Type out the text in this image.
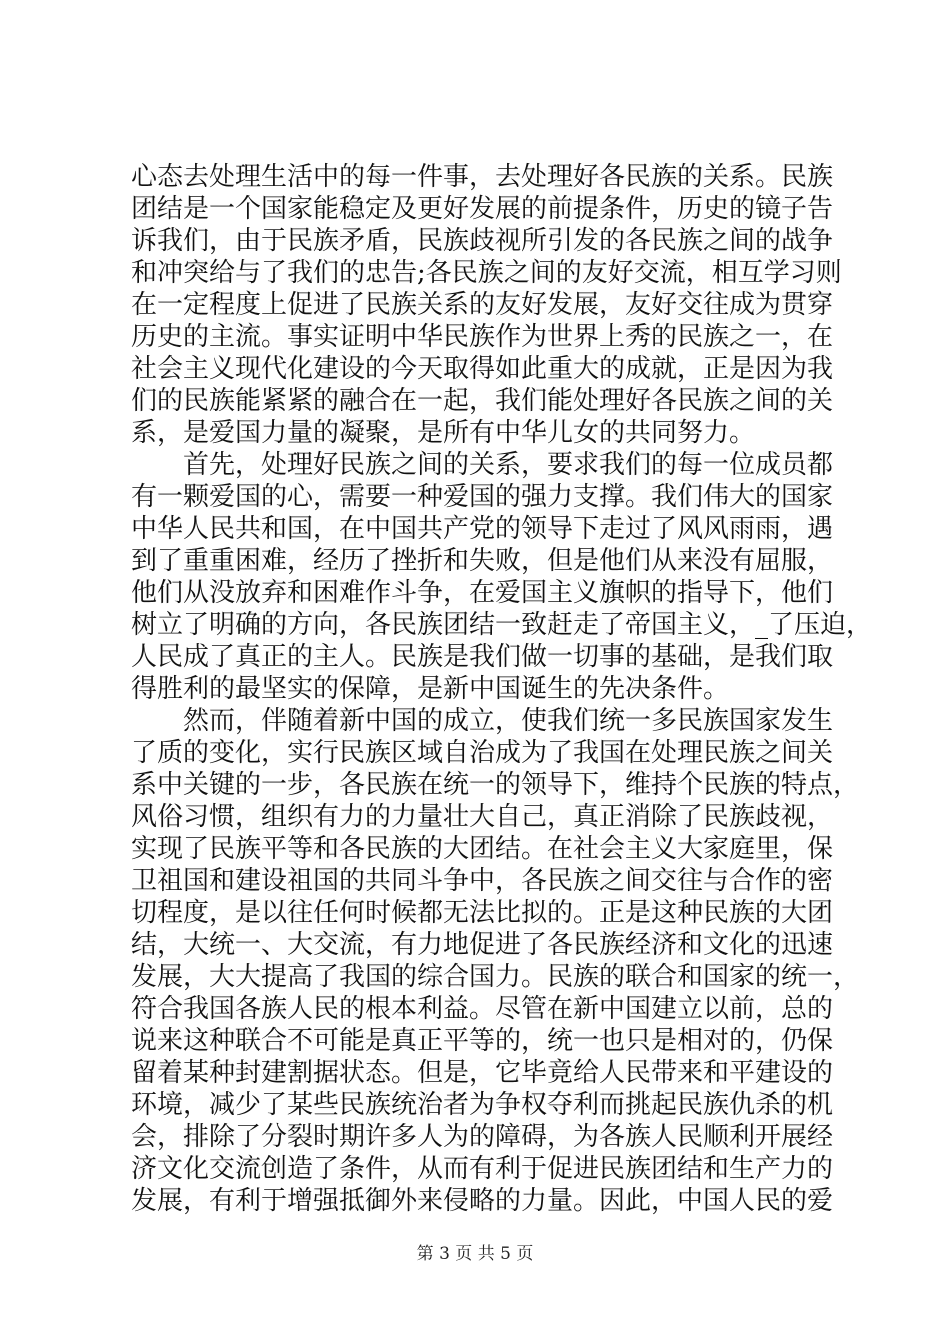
心态去处理生活中的每一件事，去处理好各民族的关系。民族
团结是一个国家能稳定及更好发展的前提条件，历史的镜子告
诉我们，由于民族矛盾，民族歧视所引发的各民族之间的战争
和冲突给与了我们的忠告;各民族之间的友好交流，相互学习则
在一定程度上促进了民族关系的友好发展，友好交往成为贯穿
历史的主流。事实证明中华民族作为世界上秀的民族之一，在
社会主义现代化建设的今天取得如此重大的成就，正是因为我
们的民族能紧紧的融合在一起，我们能处理好各民族之间的关
系，是爱国力量的凝聚，是所有中华儿女的共同努力。
　　首先，处理好民族之间的关系，要求我们的每一位成员都
有一颗爱国的心，需要一种爱国的强力支撑。我们伟大的国家
中华人民共和国，在中国共产党的领导下走过了风风雨雨，遇
到了重重困难，经历了挫折和失败，但是他们从来没有屈服，
他们从没放弃和困难作斗争，在爱国主义旗帜的指导下，他们
树立了明确的方向，各民族团结一致赶走了帝国主义，_了压迫，
人民成了真正的主人。民族是我们做一切事的基础，是我们取
得胜利的最坚实的保障，是新中国诞生的先决条件。
　　然而，伴随着新中国的成立，使我们统一多民族国家发生
了质的变化，实行民族区域自治成为了我国在处理民族之间关
系中关键的一步，各民族在统一的领导下，维持个民族的特点，
风俗习惯，组织有力的力量壮大自己，真正消除了民族歧视，
实现了民族平等和各民族的大团结。在社会主义大家庭里，保
卫祖国和建设祖国的共同斗争中，各民族之间交往与合作的密
切程度，是以往任何时候都无法比拟的。正是这种民族的大团
结，大统一、大交流，有力地促进了各民族经济和文化的迅速
发展，大大提高了我国的综合国力。民族的联合和国家的统一，
符合我国各族人民的根本利益。尽管在新中国建立以前，总的
说来这种联合不可能是真正平等的，统一也只是相对的，仍保
留着某种封建割据状态。但是，它毕竟给人民带来和平建设的
环境，减少了某些民族统治者为争权夺利而挑起民族仇杀的机
会，排除了分裂时期许多人为的障碍，为各族人民顺利开展经
济文化交流创造了条件，从而有利于促进民族团结和生产力的
发展，有利于增强抵御外来侵略的力量。因此，中国人民的爱
第 3 页 共 5 页
